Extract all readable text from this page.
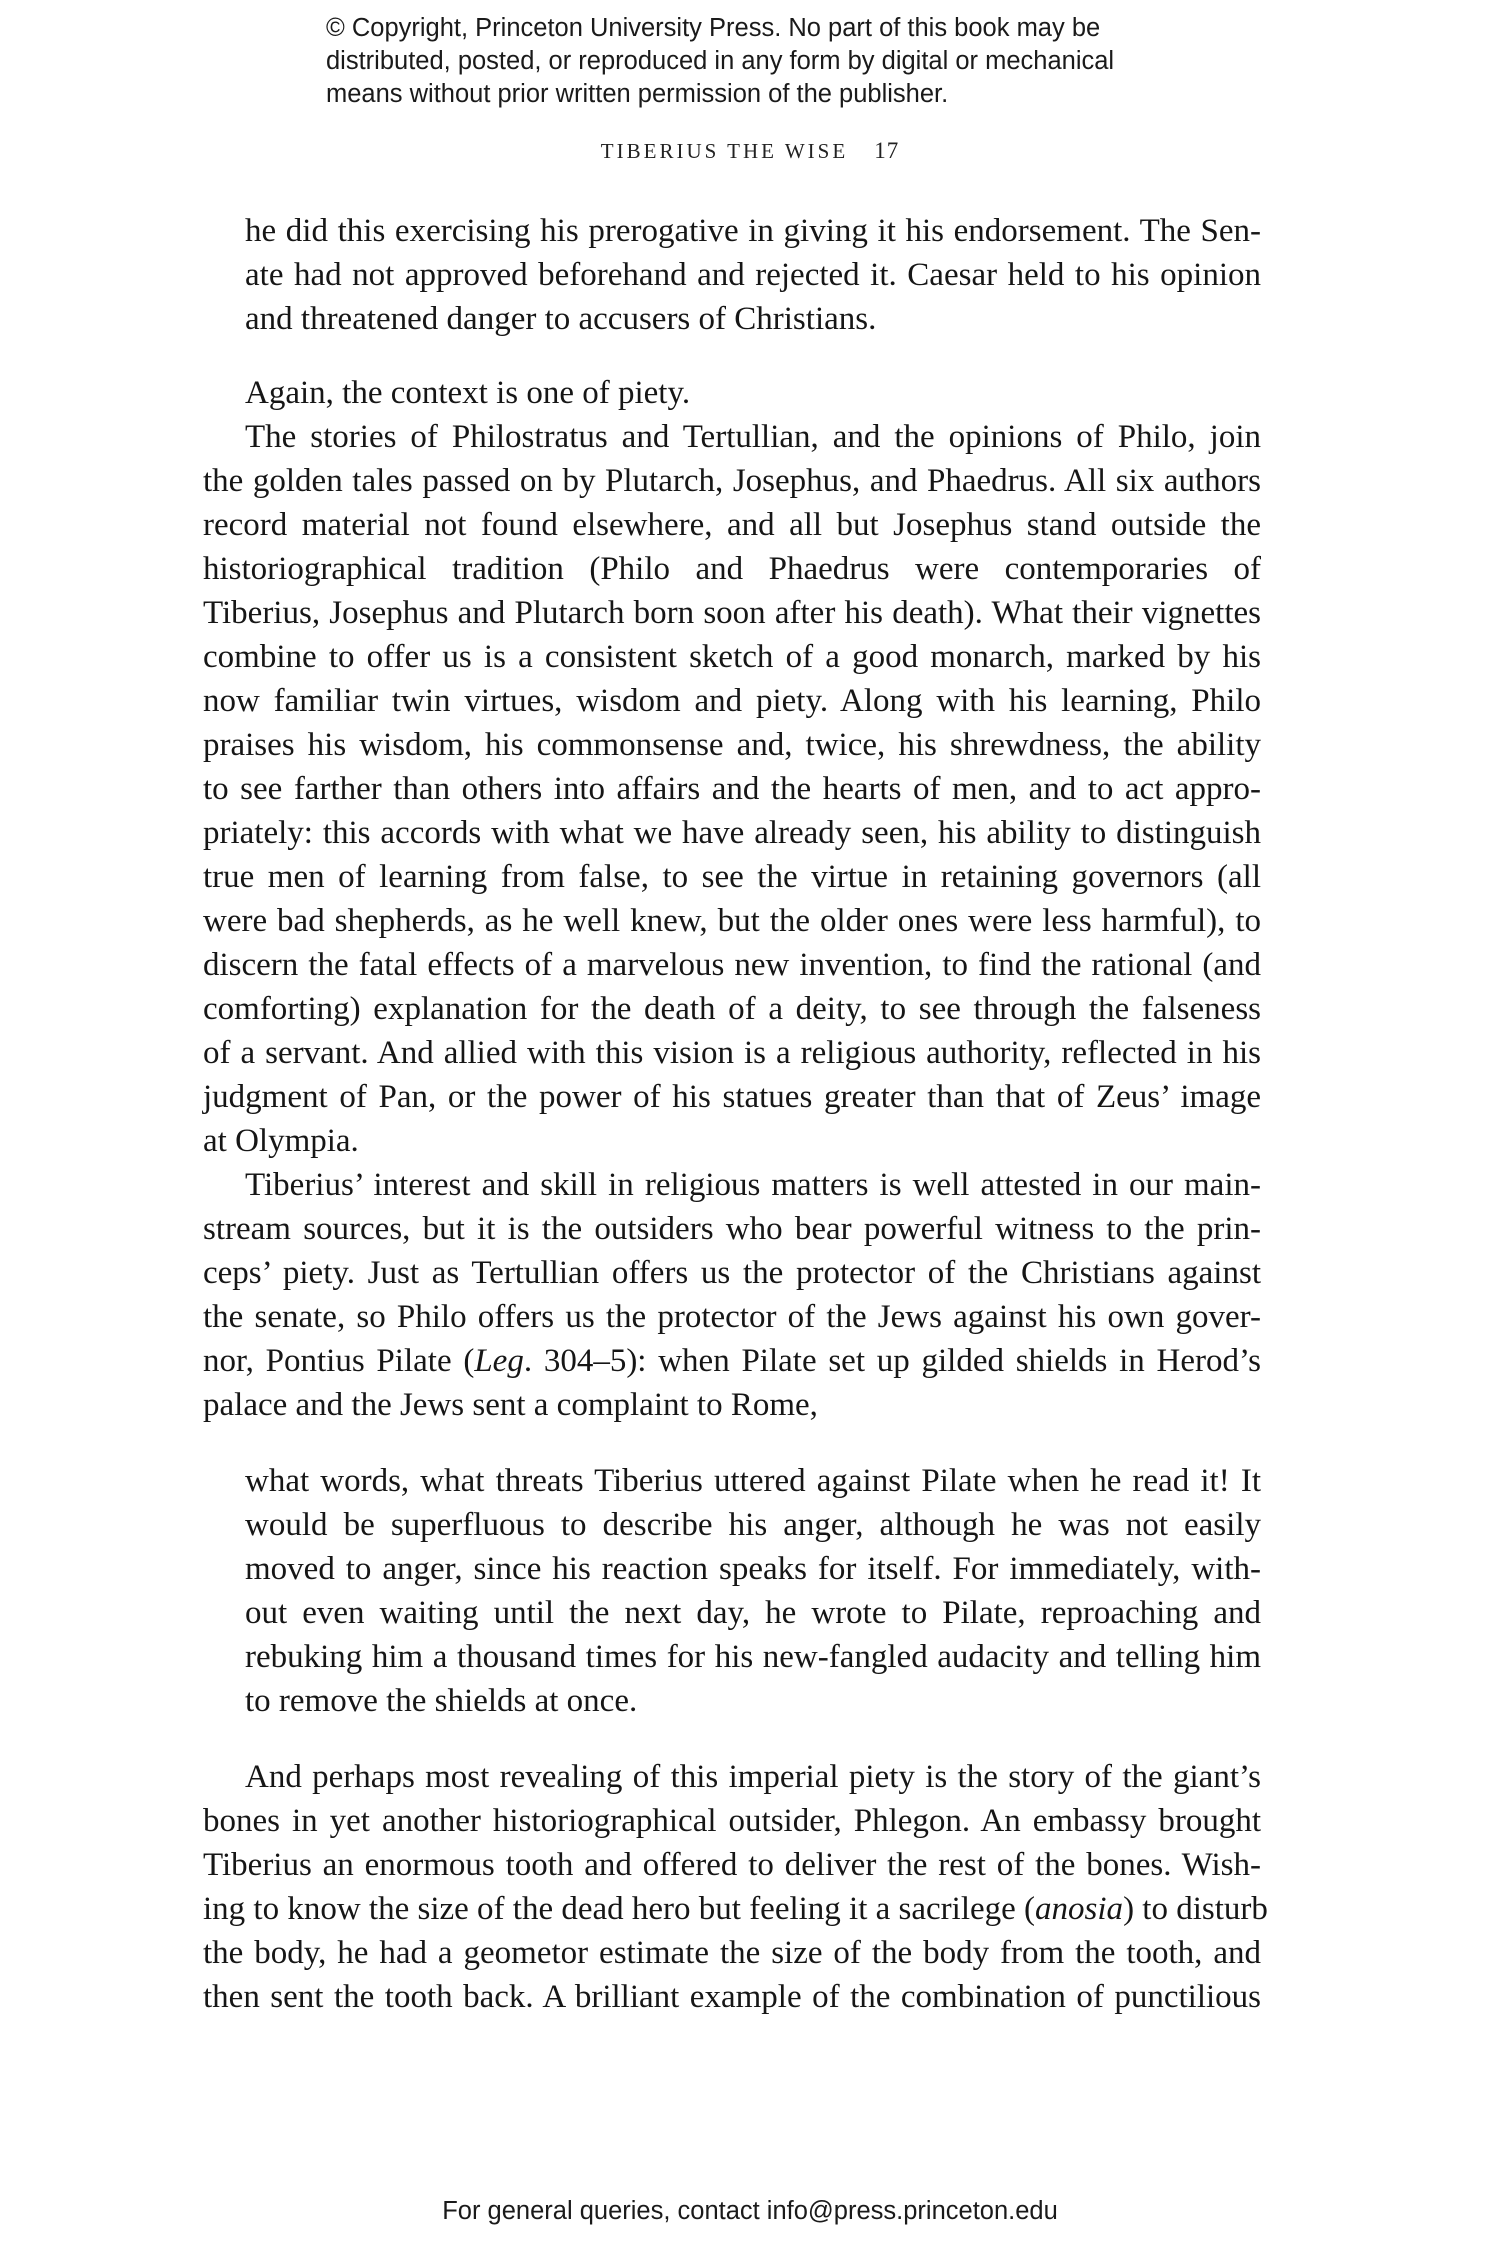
© Copyright, Princeton University Press. No part of this book may be
distributed, posted, or reproduced in any form by digital or mechanical
means without prior written permission of the publisher.
TIBERIUS THE WISE 17
he did this exercising his prerogative in giving it his endorsement. The Sen-
ate had not approved beforehand and rejected it. Caesar held to his opinion
and threatened danger to accusers of Christians.
Again, the context is one of piety.
The stories of Philostratus and Tertullian, and the opinions of Philo, join
the golden tales passed on by Plutarch, Josephus, and Phaedrus. All six authors
record material not found elsewhere, and all but Josephus stand outside the
historiographical tradition (Philo and Phaedrus were contemporaries of
Tiberius, Josephus and Plutarch born soon after his death). What their vignettes
combine to offer us is a consistent sketch of a good monarch, marked by his
now familiar twin virtues, wisdom and piety. Along with his learning, Philo
praises his wisdom, his commonsense and, twice, his shrewdness, the ability
to see farther than others into affairs and the hearts of men, and to act appro-
priately: this accords with what we have already seen, his ability to distinguish
true men of learning from false, to see the virtue in retaining governors (all
were bad shepherds, as he well knew, but the older ones were less harmful), to
discern the fatal effects of a marvelous new invention, to find the rational (and
comforting) explanation for the death of a deity, to see through the falseness
of a servant. And allied with this vision is a religious authority, reflected in his
judgment of Pan, or the power of his statues greater than that of Zeus’ image
at Olympia.
Tiberius’ interest and skill in religious matters is well attested in our main-
stream sources, but it is the outsiders who bear powerful witness to the prin-
ceps’ piety. Just as Tertullian offers us the protector of the Christians against
the senate, so Philo offers us the protector of the Jews against his own gover-
nor, Pontius Pilate (Leg. 304–5): when Pilate set up gilded shields in Herod’s
palace and the Jews sent a complaint to Rome,
what words, what threats Tiberius uttered against Pilate when he read it! It
would be superfluous to describe his anger, although he was not easily
moved to anger, since his reaction speaks for itself. For immediately, with-
out even waiting until the next day, he wrote to Pilate, reproaching and
rebuking him a thousand times for his new-fangled audacity and telling him
to remove the shields at once.
And perhaps most revealing of this imperial piety is the story of the giant’s
bones in yet another historiographical outsider, Phlegon. An embassy brought
Tiberius an enormous tooth and offered to deliver the rest of the bones. Wish-
ing to know the size of the dead hero but feeling it a sacrilege (anosia) to disturb
the body, he had a geometor estimate the size of the body from the tooth, and
then sent the tooth back. A brilliant example of the combination of punctilious
For general queries, contact info@press.princeton.edu
